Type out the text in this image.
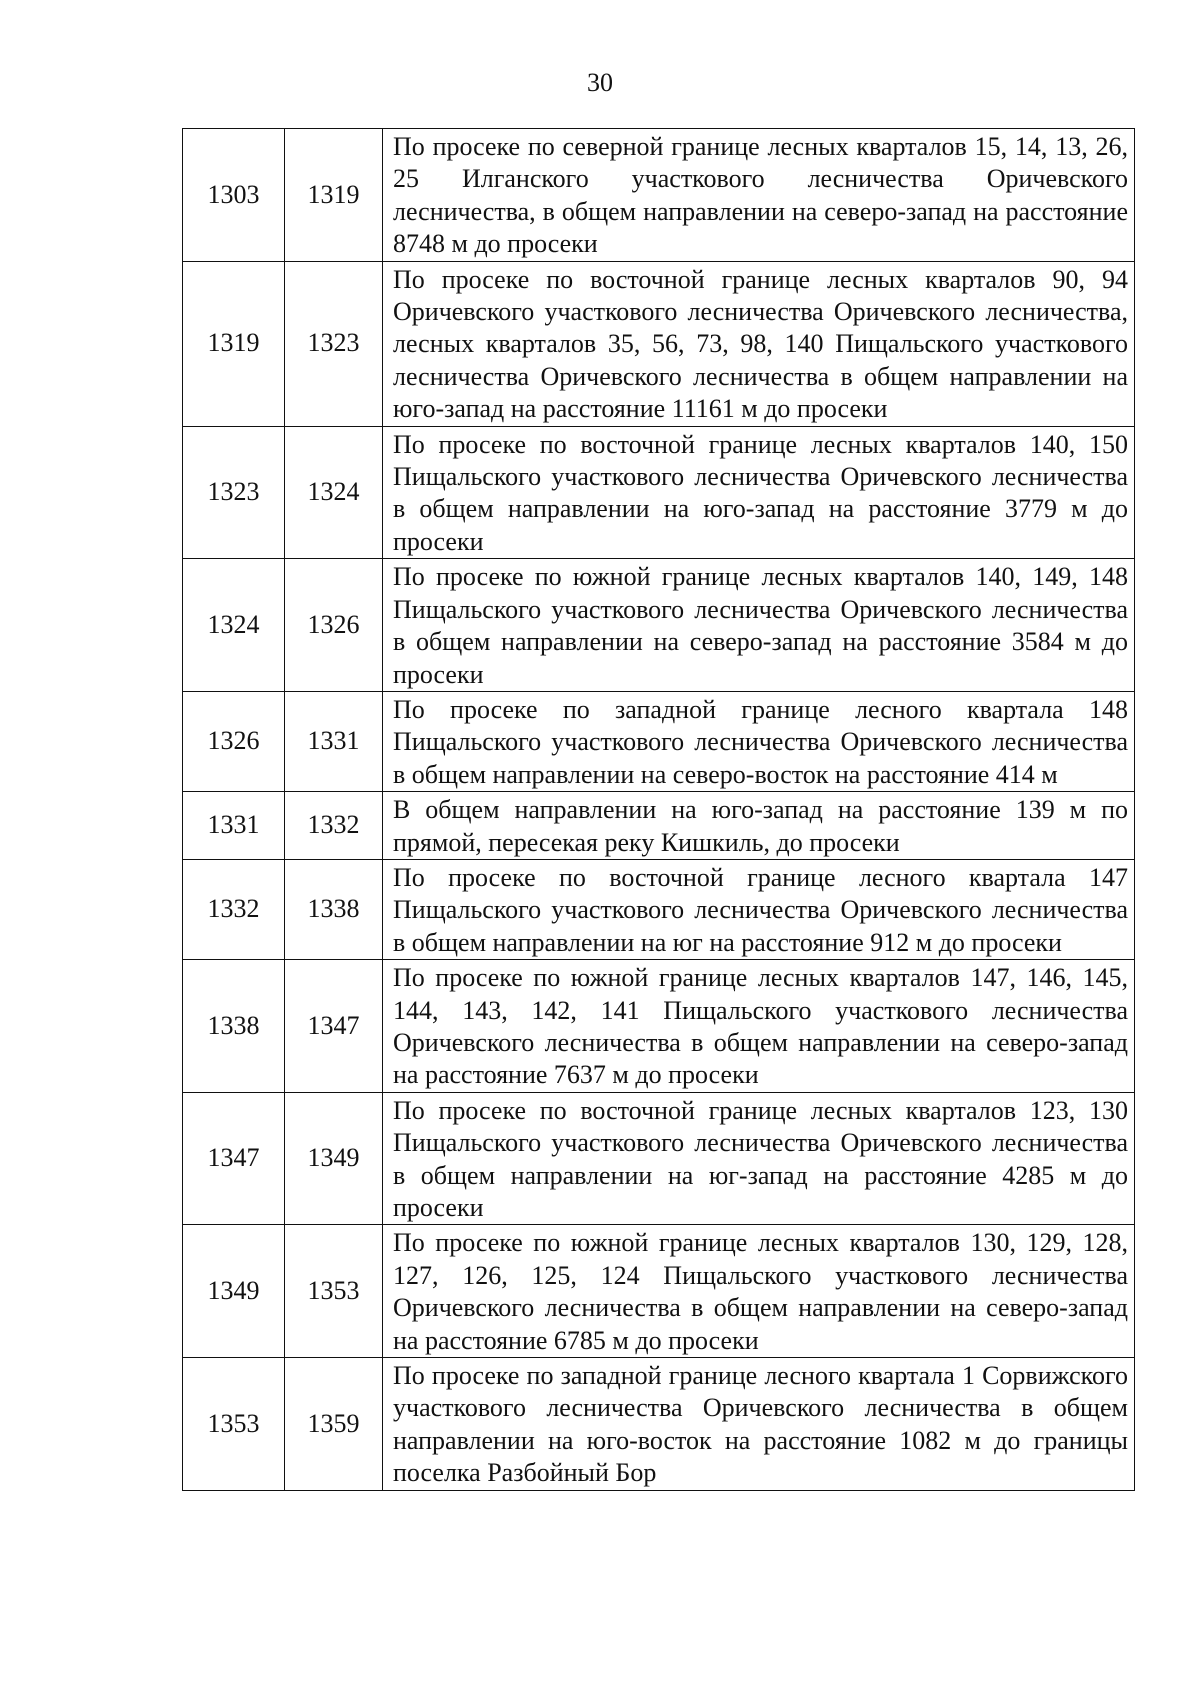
30
1303	1319	По просеке по северной границе лесных кварталов 15, 14, 13, 26, 25 Илганского участкового лесничества Оричевского лесничества, в общем направлении на северо-запад на расстояние 8748 м до просеки
1319	1323	По просеке по восточной границе лесных кварталов 90, 94 Оричевского участкового лесничества Оричевского лесничества, лесных кварталов 35, 56, 73, 98, 140 Пищальского участкового лесничества Оричевского лесничества в общем направлении на юго-запад на расстояние 11161 м до просеки
1323	1324	По просеке по восточной границе лесных кварталов 140, 150 Пищальского участкового лесничества Оричевского лесничества в общем направлении на юго-запад на расстояние 3779 м до просеки
1324	1326	По просеке по южной границе лесных кварталов 140, 149, 148 Пищальского участкового лесничества Оричевского лесничества в общем направлении на северо-запад на расстояние 3584 м до просеки
1326	1331	По просеке по западной границе лесного квартала 148 Пищальского участкового лесничества Оричевского лесничества в общем направлении на северо-восток на расстояние 414 м
1331	1332	В общем направлении на юго-запад на расстояние 139 м по прямой, пересекая реку Кишкиль, до просеки
1332	1338	По просеке по восточной границе лесного квартала 147 Пищальского участкового лесничества Оричевского лесничества в общем направлении на юг на расстояние 912 м до просеки
1338	1347	По просеке по южной границе лесных кварталов 147, 146, 145, 144, 143, 142, 141 Пищальского участкового лесничества Оричевского лесничества в общем направлении на северо-запад на расстояние 7637 м до просеки
1347	1349	По просеке по восточной границе лесных кварталов 123, 130 Пищальского участкового лесничества Оричевского лесничества в общем направлении на юг-запад на расстояние 4285 м до просеки
1349	1353	По просеке по южной границе лесных кварталов 130, 129, 128, 127, 126, 125, 124 Пищальского участкового лесничества Оричевского лесничества в общем направлении на северо-запад на расстояние 6785 м до просеки
1353	1359	По просеке по западной границе лесного квартала 1 Сорвижского участкового лесничества Оричевского лесничества в общем направлении на юго-восток на расстояние 1082 м до границы поселка Разбойный Бор
